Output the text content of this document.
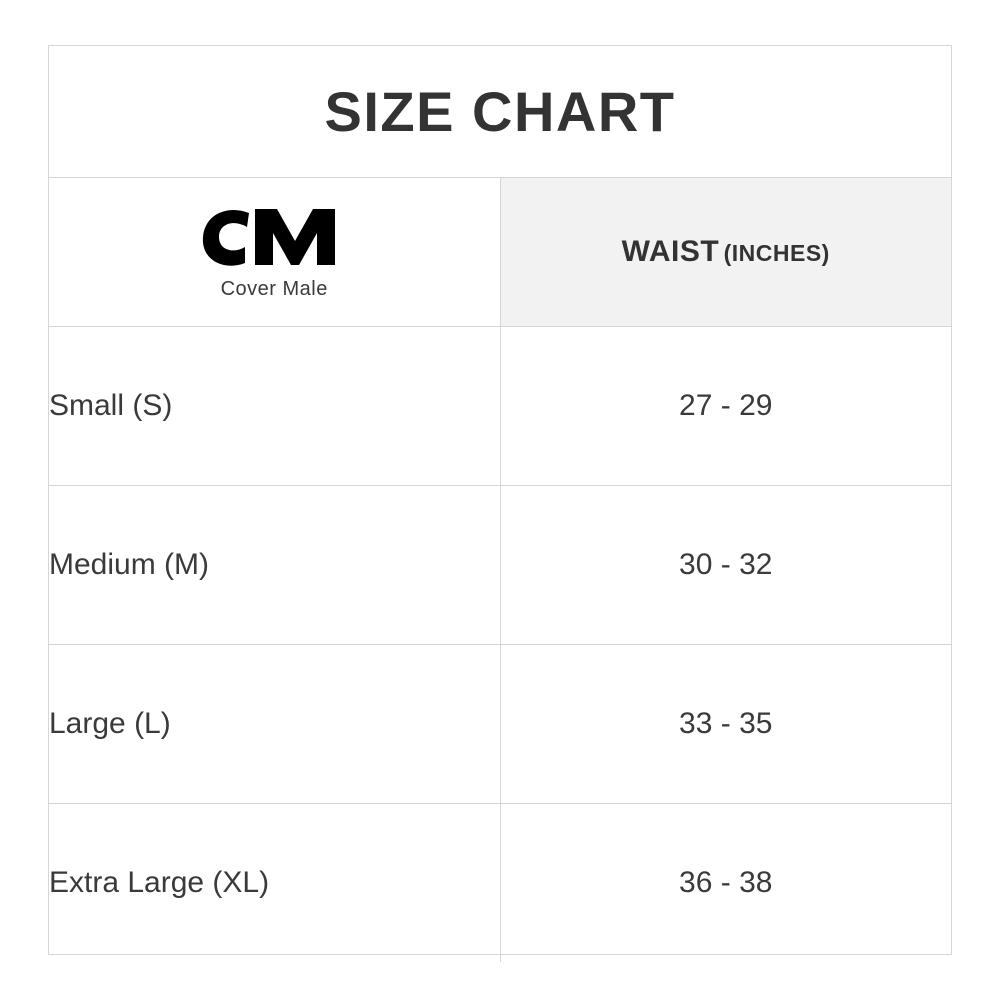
SIZE CHART	

Cover Male	WAIST (INCHES)
Small (S)	27 - 29
Medium (M)	30 - 32
Large (L)	33 - 35
Extra Large (XL)	36 - 38
